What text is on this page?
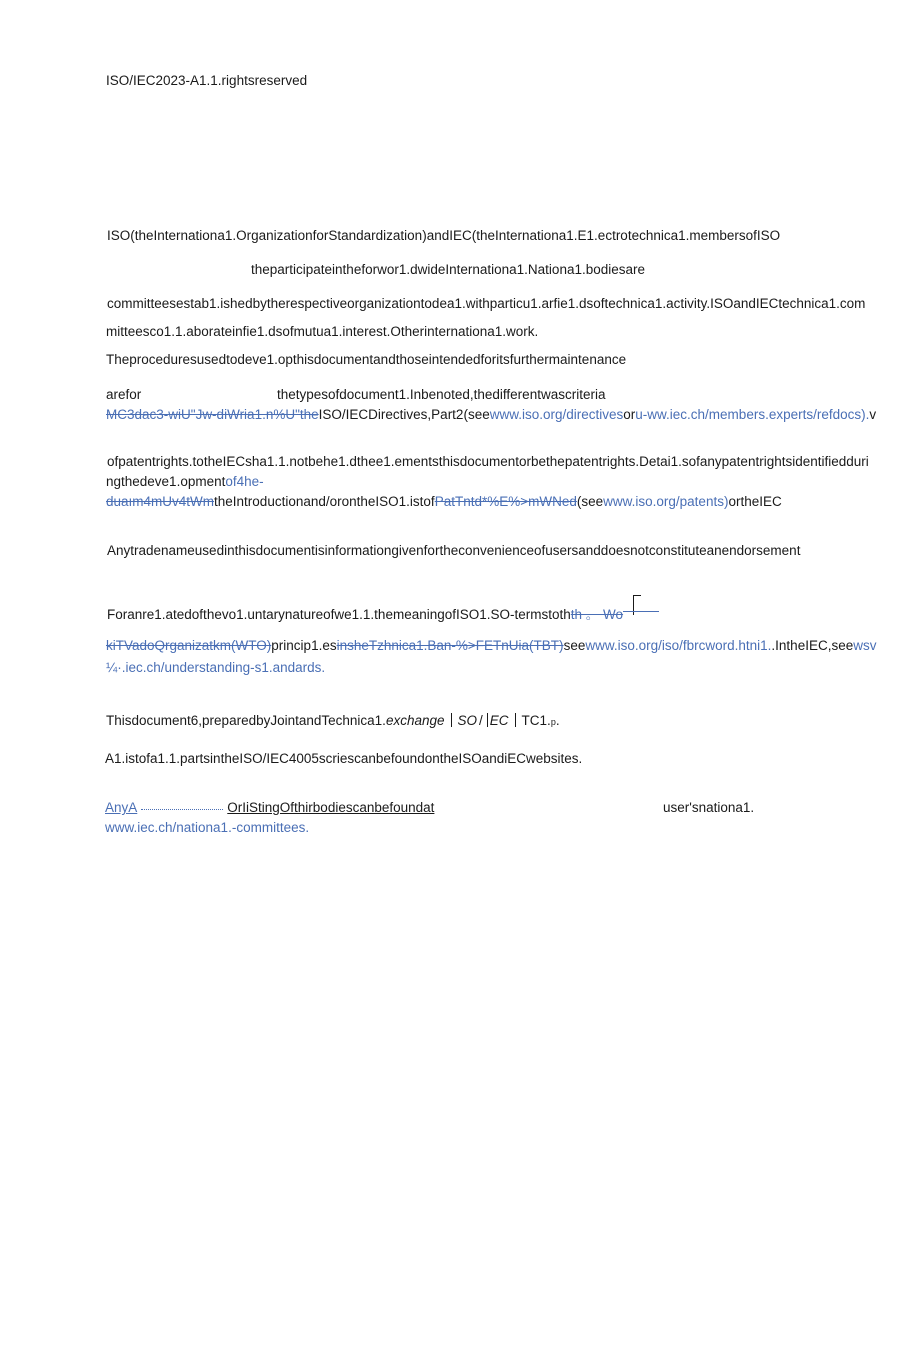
ISO/IEC2023-A1.1.rightsreserved
ISO(theInternationa1.OrganizationforStandardization)andIEC(theInternationa1.E1.ectrotechnica1.membersofISO
theparticipateintheforwor1.dwideInternationa1.Nationa1.bodiesare
committeesestab1.ishedbytherespectiveorganizationtodea1.withparticu1.arfie1.dsoftechnica1.activity.ISOandIECtechnica1.com
mitteesco1.1.aborateinfie1.dsofmutua1.interest.Otherinternationa1.work.
Theproceduresusedtodeve1.opthisdocumentandthoseintendedforitsfurthermaintenance
arefor	thetypesofdocument1.Inbenoted,thedifferentwascriteria
MC3dac3-wiU"Jw-diWria1.n%U"theISO/IECDirectives,Part2(seewww.iso.org/directivesoru-ww.iec.ch/members.experts/refdocs).v
ofpatentrights.totheIECsha1.1.notbehe1.dthee1.ementsthisdocumentorbethepatentrights.Detai1.sofanypatentrightsidentifiedduri
ngthedeve1.opmentof4he-
duaım4mUv4tWmtheIntroductionand/orontheISO1.istofPatTntd*%E%>mWNed(seewww.iso.org/patents)ortheIEC
Anytradenameusedinthisdocumentisinformationgivenfortheconvenienceofusersanddoesnotconstituteanendorsement
Foranre1.atedofthevo1.untarynatureofwe1.1.themeaningofISO1.SO-termstothth 。 Wo
kiTVadoQrganizatkm(WTO)princip1.esinsheTzhnica1.Ban-%>FETnUia(TBT)seewww.iso.org/iso/fbrcword.htni1..IntheIEC,seewsv
¼·.iec.ch/understanding-s1.andards.
Thisdocument6,preparedbyJointandTechnica1.exchange SO / EC TC1.p.
A1.istofa1.1.partsintheISO/IEC4005scriescanbefoundontheISOandiECwebsites.
AnyA	OrIiStingOfthirbodiescanbefoundat	user'snationa1.
www.iec.ch/nationa1.-committees.
